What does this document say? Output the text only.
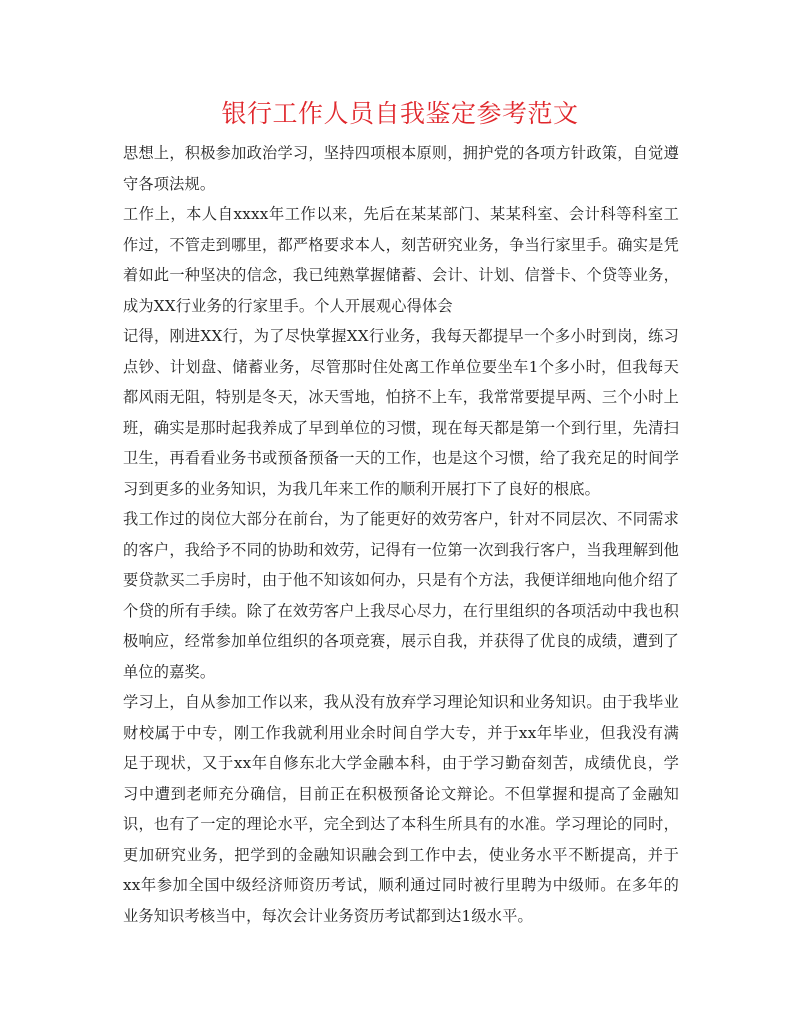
银行工作人员自我鉴定参考范文

思想上，积极参加政治学习，坚持四项根本原则，拥护党的各项方针政策，自觉遵守各项法规。

工作上，本人自xxxx年工作以来，先后在某某部门、某某科室、会计科等科室工作过，不管走到哪里，都严格要求本人，刻苦研究业务，争当行家里手。确实是凭着如此一种坚决的信念，我已纯熟掌握储蓄、会计、计划、信誉卡、个贷等业务，成为XX行业务的行家里手。个人开展观心得体会

记得，刚进XX行，为了尽快掌握XX行业务，我每天都提早一个多小时到岗，练习点钞、计划盘、储蓄业务，尽管那时住处离工作单位要坐车1个多小时，但我每天都风雨无阻，特别是冬天，冰天雪地，怕挤不上车，我常常要提早两、三个小时上班，确实是那时起我养成了早到单位的习惯，现在每天都是第一个到行里，先清扫卫生，再看看业务书或预备预备一天的工作，也是这个习惯，给了我充足的时间学习到更多的业务知识，为我几年来工作的顺利开展打下了良好的根底。

我工作过的岗位大部分在前台，为了能更好的效劳客户，针对不同层次、不同需求的客户，我给予不同的协助和效劳，记得有一位第一次到我行客户，当我理解到他要贷款买二手房时，由于他不知该如何办，只是有个方法，我便详细地向他介绍了个贷的所有手续。除了在效劳客户上我尽心尽力，在行里组织的各项活动中我也积极响应，经常参加单位组织的各项竞赛，展示自我，并获得了优良的成绩，遭到了单位的嘉奖。

学习上，自从参加工作以来，我从没有放弃学习理论知识和业务知识。由于我毕业财校属于中专，刚工作我就利用业余时间自学大专，并于xx年毕业，但我没有满足于现状，又于xx年自修东北大学金融本科，由于学习勤奋刻苦，成绩优良，学习中遭到老师充分确信，目前正在积极预备论文辩论。不但掌握和提高了金融知识，也有了一定的理论水平，完全到达了本科生所具有的水准。学习理论的同时，更加研究业务，把学到的金融知识融会到工作中去，使业务水平不断提高，并于xx年参加全国中级经济师资历考试，顺利通过同时被行里聘为中级师。在多年的业务知识考核当中，每次会计业务资历考试都到达1级水平。
